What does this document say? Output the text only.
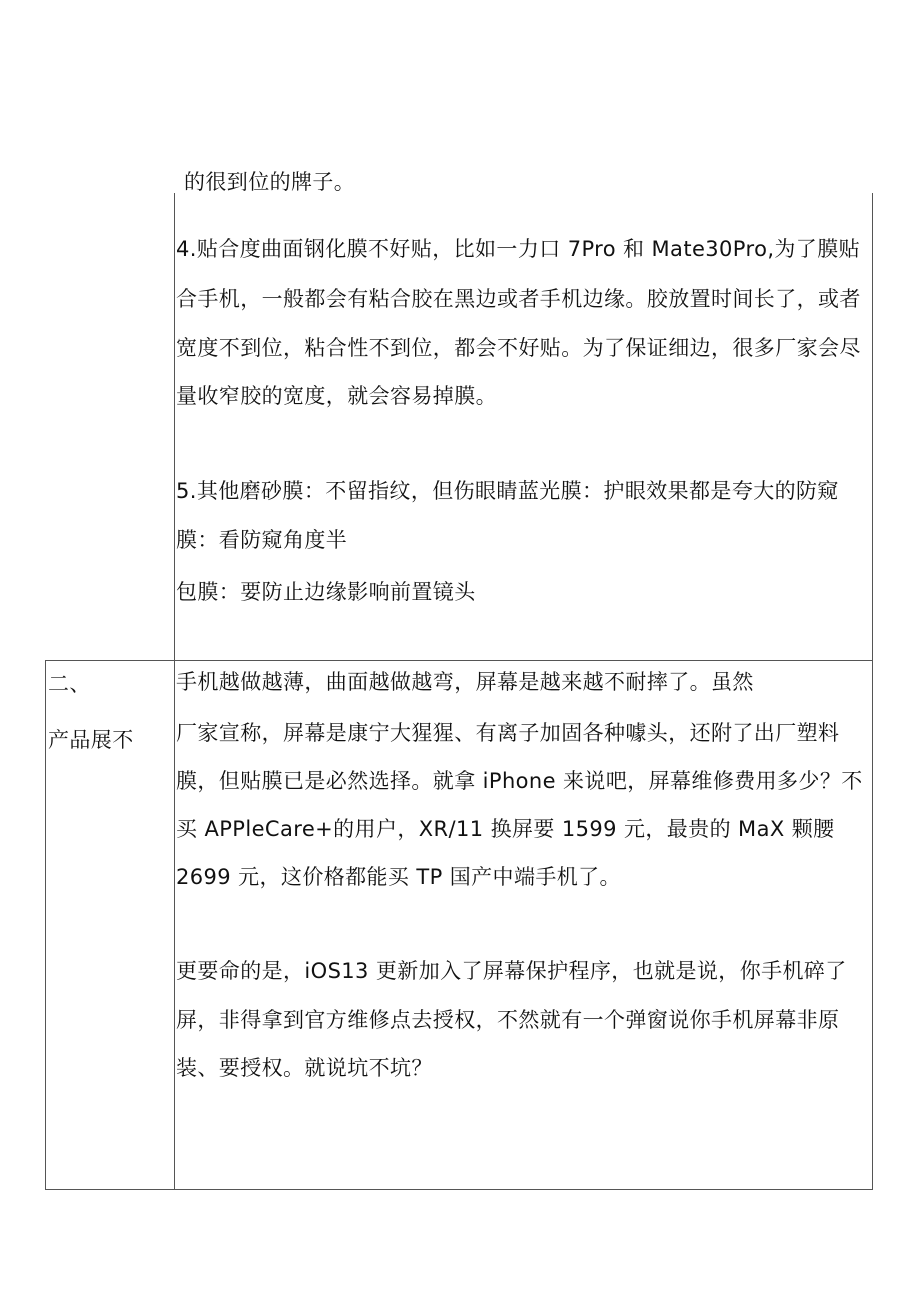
的很到位的牌子。
4.贴合度曲面钢化膜不好贴，比如一力口 7Pro 和 Mate30Pro,为了膜贴
合手机，一般都会有粘合胶在黑边或者手机边缘。胶放置时间长了，或者
宽度不到位，粘合性不到位，都会不好贴。为了保证细边，很多厂家会尽
量收窄胶的宽度，就会容易掉膜。
5.其他磨砂膜：不留指纹，但伤眼睛蓝光膜：护眼效果都是夸大的防窥
膜：看防窥角度半
包膜：要防止边缘影响前置镜头
二、
产品展不
手机越做越薄，曲面越做越弯，屏幕是越来越不耐摔了。虽然
厂家宣称，屏幕是康宁大猩猩、有离子加固各种噱头，还附了出厂塑料
膜，但贴膜已是必然选择。就拿 iPhone 来说吧，屏幕维修费用多少？不
买 APPleCare+的用户，XR/11 换屏要 1599 元，最贵的 MaX 颗腰
2699 元，这价格都能买 TP 国产中端手机了。
更要命的是，iOS13 更新加入了屏幕保护程序，也就是说，你手机碎了
屏，非得拿到官方维修点去授权，不然就有一个弹窗说你手机屏幕非原
装、要授权。就说坑不坑？
